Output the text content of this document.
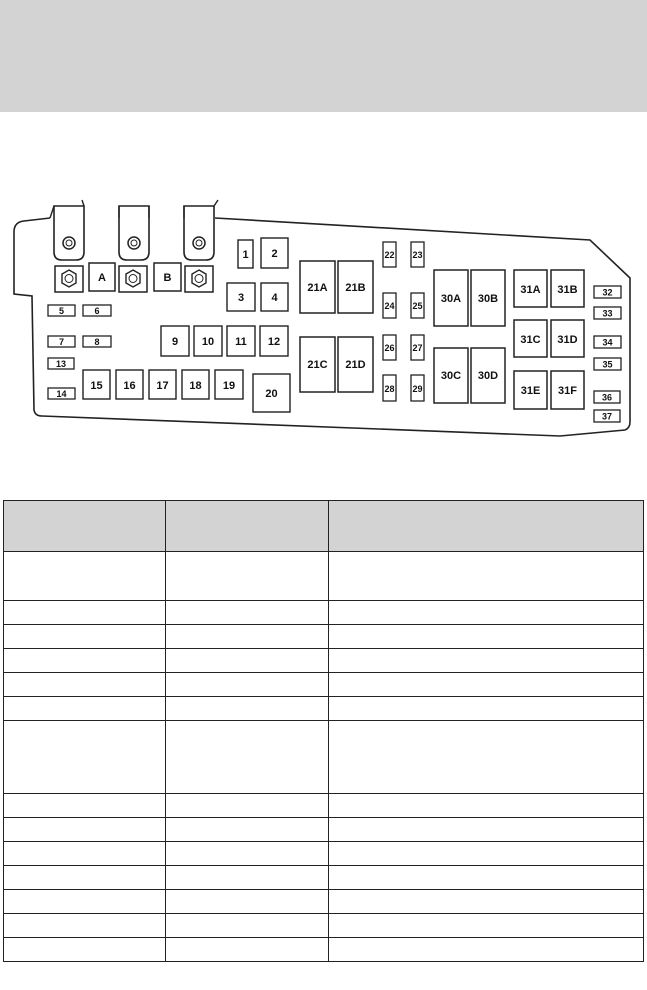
A	B
1 2
3 4
5	6
7	8
13
14
9 10 11 12
15 16 17 18 19
20
21A 21B
21C 21D
22 23
24 25
26 27
28 29
30A 30B
30C 30D
31A 31B
31C 31D
31E 31F
32
33
34
35
36
37
